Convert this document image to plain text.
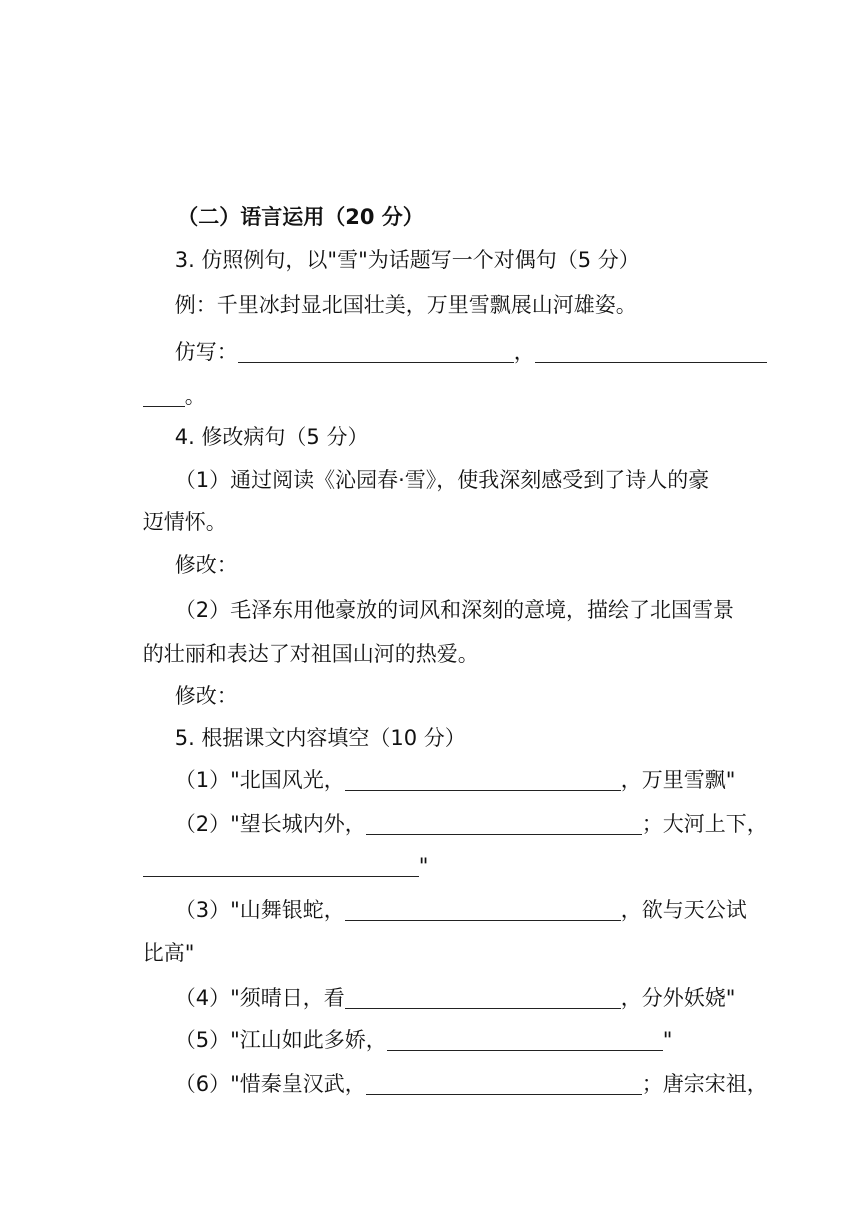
（二）语言运用（20 分）

3. 仿照例句，以"雪"为话题写一个对偶句（5 分）

例：千里冰封显北国壮美，万里雪飘展山河雄姿。

仿写：	，

。

4. 修改病句（5 分）

（1）通过阅读《沁园春·雪》，使我深刻感受到了诗人的豪

迈情怀。

修改：

（2）毛泽东用他豪放的词风和深刻的意境，描绘了北国雪景

的壮丽和表达了对祖国山河的热爱。

修改：

5. 根据课文内容填空（10 分）

（1）"北国风光，	，万里雪飘"

（2）"望长城内外，	；大河上下，

"

（3）"山舞银蛇，	，欲与天公试

比高"

（4）"须晴日，看	，分外妖娆"

（5）"江山如此多娇，	"

（6）"惜秦皇汉武，	；唐宗宋祖，
